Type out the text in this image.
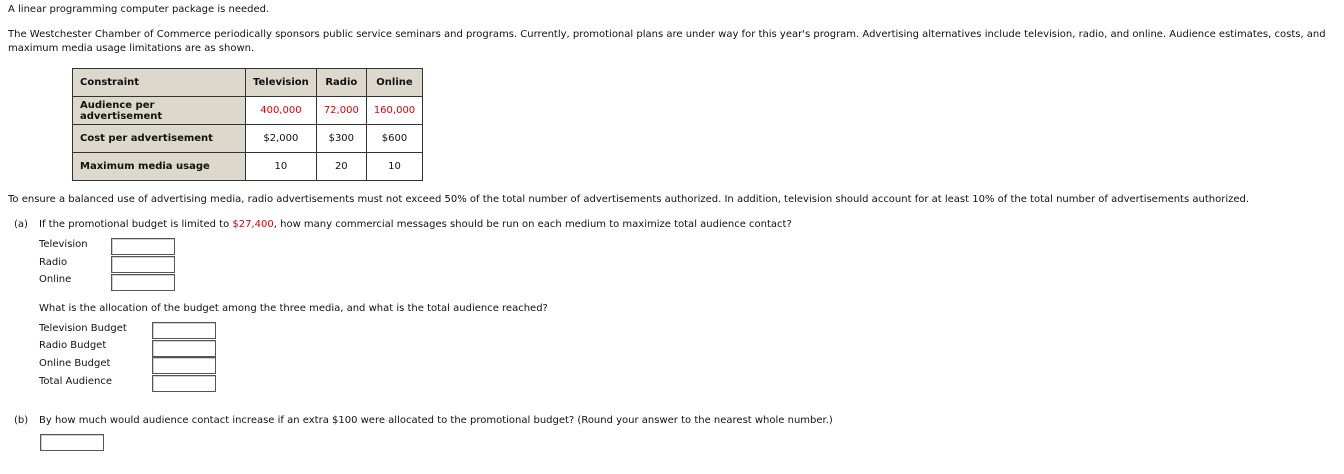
A linear programming computer package is needed.
The Westchester Chamber of Commerce periodically sponsors public service seminars and programs. Currently, promotional plans are under way for this year's program. Advertising alternatives include television, radio, and online. Audience estimates, costs, and maximum media usage limitations are as shown.
Constraint	Television	Radio	Online
Audience per advertisement	400,000	72,000	160,000
Cost per advertisement	$2,000	$300	$600
Maximum media usage	10	20	10
To ensure a balanced use of advertising media, radio advertisements must not exceed 50% of the total number of advertisements authorized. In addition, television should account for at least 10% of the total number of advertisements authorized.
(a) If the promotional budget is limited to $27,400, how many commercial messages should be run on each medium to maximize total audience contact?
Television
Radio
Online
What is the allocation of the budget among the three media, and what is the total audience reached?
Television Budget
Radio Budget
Online Budget
Total Audience
(b) By how much would audience contact increase if an extra $100 were allocated to the promotional budget? (Round your answer to the nearest whole number.)
